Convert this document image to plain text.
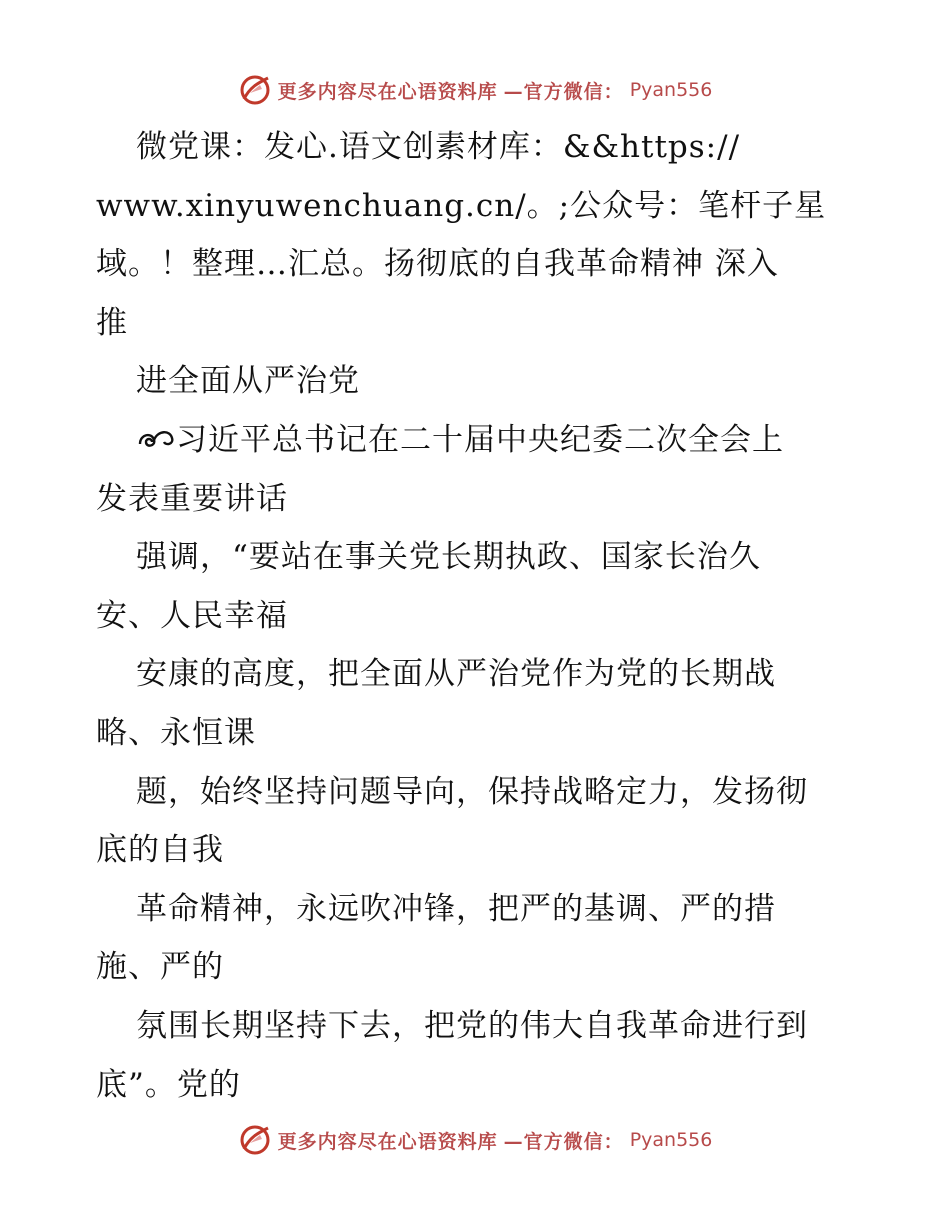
更多内容尽在心语资料库 —官方微信： Pyan556
微党课：发心.语文创素材库：&&https://
www.xinyuwenchuang.cn/。;公众号：笔杆子星
域。！整理…汇总。扬彻底的自我革命精神 深入
推
进全面从严治党
习近平总书记在二十届中央纪委二次全会上
发表重要讲话
强调，“要站在事关党长期执政、国家长治久
安、人民幸福
安康的高度，把全面从严治党作为党的长期战
略、永恒课
题，始终坚持问题导向，保持战略定力，发扬彻
底的自我
革命精神，永远吹冲锋，把严的基调、严的措
施、严的
氛围长期坚持下去，把党的伟大自我革命进行到
底”。党的
更多内容尽在心语资料库 —官方微信： Pyan556
